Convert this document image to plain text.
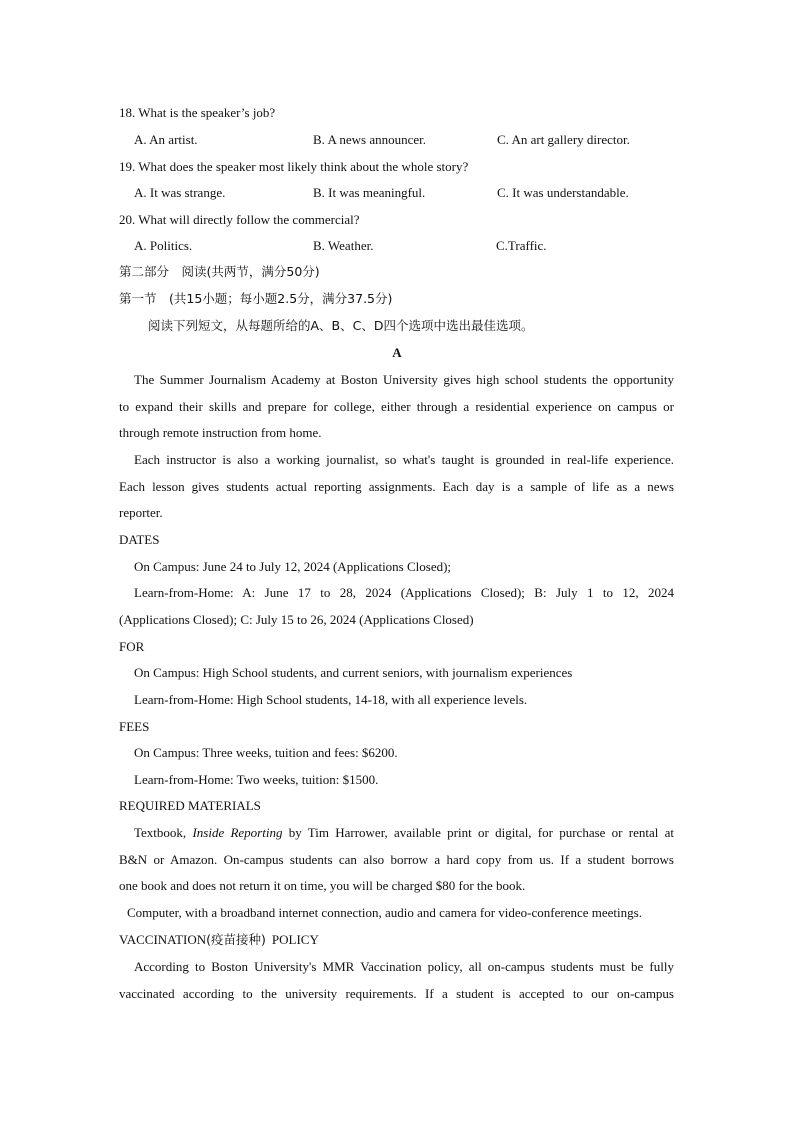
18. What is the speaker’s job?
A. An artist.	B. A news announcer.	C. An art gallery director.
19. What does the speaker most likely think about the whole story?
A. It was strange.	B. It was meaningful.	C. It was understandable.
20. What will directly follow the commercial?
A. Politics.	B. Weather.	C.Traffic.
第二部分　阅读(共两节，满分50分)
第一节　(共15小题；每小题2.5分，满分37.5分)
阅读下列短文，从每题所给的A、B、C、D四个选项中选出最佳选项。
A
The Summer Journalism Academy at Boston University gives high school students the opportunity
to expand their skills and prepare for college, either through a residential experience on campus or
through remote instruction from home.
Each instructor is also a working journalist, so what's taught is grounded in real-life experience.
Each lesson gives students actual reporting assignments. Each day is a sample of life as a news
reporter.
DATES
On Campus: June 24 to July 12, 2024 (Applications Closed);
Learn-from-Home: A: June 17 to 28, 2024 (Applications Closed); B: July 1 to 12, 2024
(Applications Closed); C: July 15 to 26, 2024 (Applications Closed)
FOR
On Campus: High School students, and current seniors, with journalism experiences
Learn-from-Home: High School students, 14-18, with all experience levels.
FEES
On Campus: Three weeks, tuition and fees: $6200.
Learn-from-Home: Two weeks, tuition: $1500.
REQUIRED MATERIALS
Textbook, Inside Reporting by Tim Harrower, available print or digital, for purchase or rental at
B&N or Amazon. On-campus students can also borrow a hard copy from us. If a student borrows
one book and does not return it on time, you will be charged $80 for the book.
Computer, with a broadband internet connection, audio and camera for video-conference meetings.
VACCINATION(疫苗接种) POLICY
According to Boston University's MMR Vaccination policy, all on-campus students must be fully
vaccinated according to the university requirements. If a student is accepted to our on-campus
